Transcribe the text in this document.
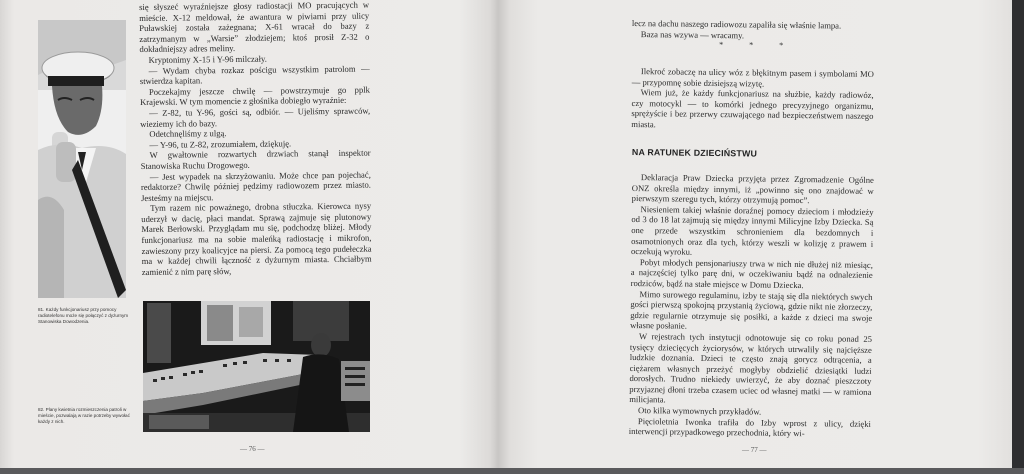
81. Każdy funkcjonariusz przy pomocy radiotelefonu może się połączyć z dyżurnym Stanowiska Dowodzenia.
82. Plany kwietnia rozmieszczenia patroli w mieście, pozwalają w razie potrzeby wywołać każdy z nich.

się słyszeć wyraźniejsze głosy radiostacji MO pracujących w mieście. X-12 meldował, że awantura w piwiarni przy ulicy Puławskiej została zażegnana; X-61 wracał do bazy z zatrzymanym w „Warsie” złodziejem; ktoś prosił Z-32 o dokładniejszy adres meliny.

Kryptonimy X-15 i Y-96 milczały.

— Wydam chyba rozkaz pościgu wszystkim patrolom — stwierdza kapitan.

Poczekajmy jeszcze chwilę — powstrzymuje go pplk Krajewski. W tym momencie z głośnika dobiegło wyraźnie:

— Z-82, tu Y-96, gości są, odbiór. — Ujeliśmy sprawców, wieziemy ich do bazy.

Odetchnęliśmy z ulgą.

— Y-96, tu Z-82, zrozumiałem, dziękuję.

W gwałtownie rozwartych drzwiach stanął inspektor Stanowiska Ruchu Drogowego.

— Jest wypadek na skrzyżowaniu. Może chce pan pojechać, redaktorze? Chwilę później pędzimy radiowozem przez miasto. Jesteśmy na miejscu.

Tym razem nic poważnego, drobna stłuczka. Kierowca nysy uderzył w dacię, płaci mandat. Sprawą zajmuje się plutonowy Marek Berłowski. Przyglądam mu się, podchodzę bliżej. Młody funkcjonariusz ma na sobie maleńką radiostację i mikrofon, zawieszony przy koalicyjce na piersi. Za pomocą tego pudełeczka ma w każdej chwili łączność z dyżurnym miasta. Chciałbym zamienić z nim parę słów,

— 76 —

lecz na dachu naszego radiowozu zapaliła się właśnie lampa.

Baza nas wzywa — wracamy.

* * *

Ilekroć zobaczę na ulicy wóz z błękitnym pasem i symbolami MO — przypomnę sobie dzisiejszą wizytę.

Wiem już, że każdy funkcjonariusz na służbie, każdy radiowóz, czy motocykl — to komórki jednego precyzyjnego organizmu, sprężyście i bez przerwy czuwającego nad bezpieczeństwem naszego miasta.

NA RATUNEK DZIECIŃSTWU

Deklaracja Praw Dziecka przyjęta przez Zgromadzenie Ogólne ONZ określa między innymi, iż „powinno się ono znajdować w pierwszym szeregu tych, którzy otrzymują pomoc”.

Niesieniem takiej właśnie doraźnej pomocy dzieciom i młodzieży od 3 do 18 lat zajmują się między innymi Milicyjne Izby Dziecka. Są one przede wszystkim schronieniem dla bezdomnych i osamotnionych oraz dla tych, którzy weszli w kolizję z prawem i oczekują wyroku.

Pobyt młodych pensjonariuszy trwa w nich nie dłużej niż miesiąc, a najczęściej tylko parę dni, w oczekiwaniu bądź na odnalezienie rodziców, bądź na stałe miejsce w Domu Dziecka.

Mimo surowego regulaminu, izby te stają się dla niektórych swych gości pierwszą spokojną przystanią życiową, gdzie nikt nie złorzeczy, gdzie regularnie otrzymuje się posiłki, a każde z dzieci ma swoje własne posłanie.

W rejestrach tych instytucji odnotowuje się co roku ponad 25 tysięcy dziecięcych życiorysów, w których utrwalily się najcięższe ludzkie doznania. Dzieci te często znają gorycz odtrącenia, a ciężarem własnych przeżyć mogłyby obdzielić dziesiątki ludzi dorosłych. Trudno niekiedy uwierzyć, że aby doznać pieszczoty przyjaznej dłoni trzeba czasem uciec od własnej matki — w ramiona milicjanta.

Oto kilka wymownych przykładów.

Pięcioletnia Iwonka trafiła do Izby wprost z ulicy, dzięki interwencji przypadkowego przechodnia, który wi-

— 77 —
